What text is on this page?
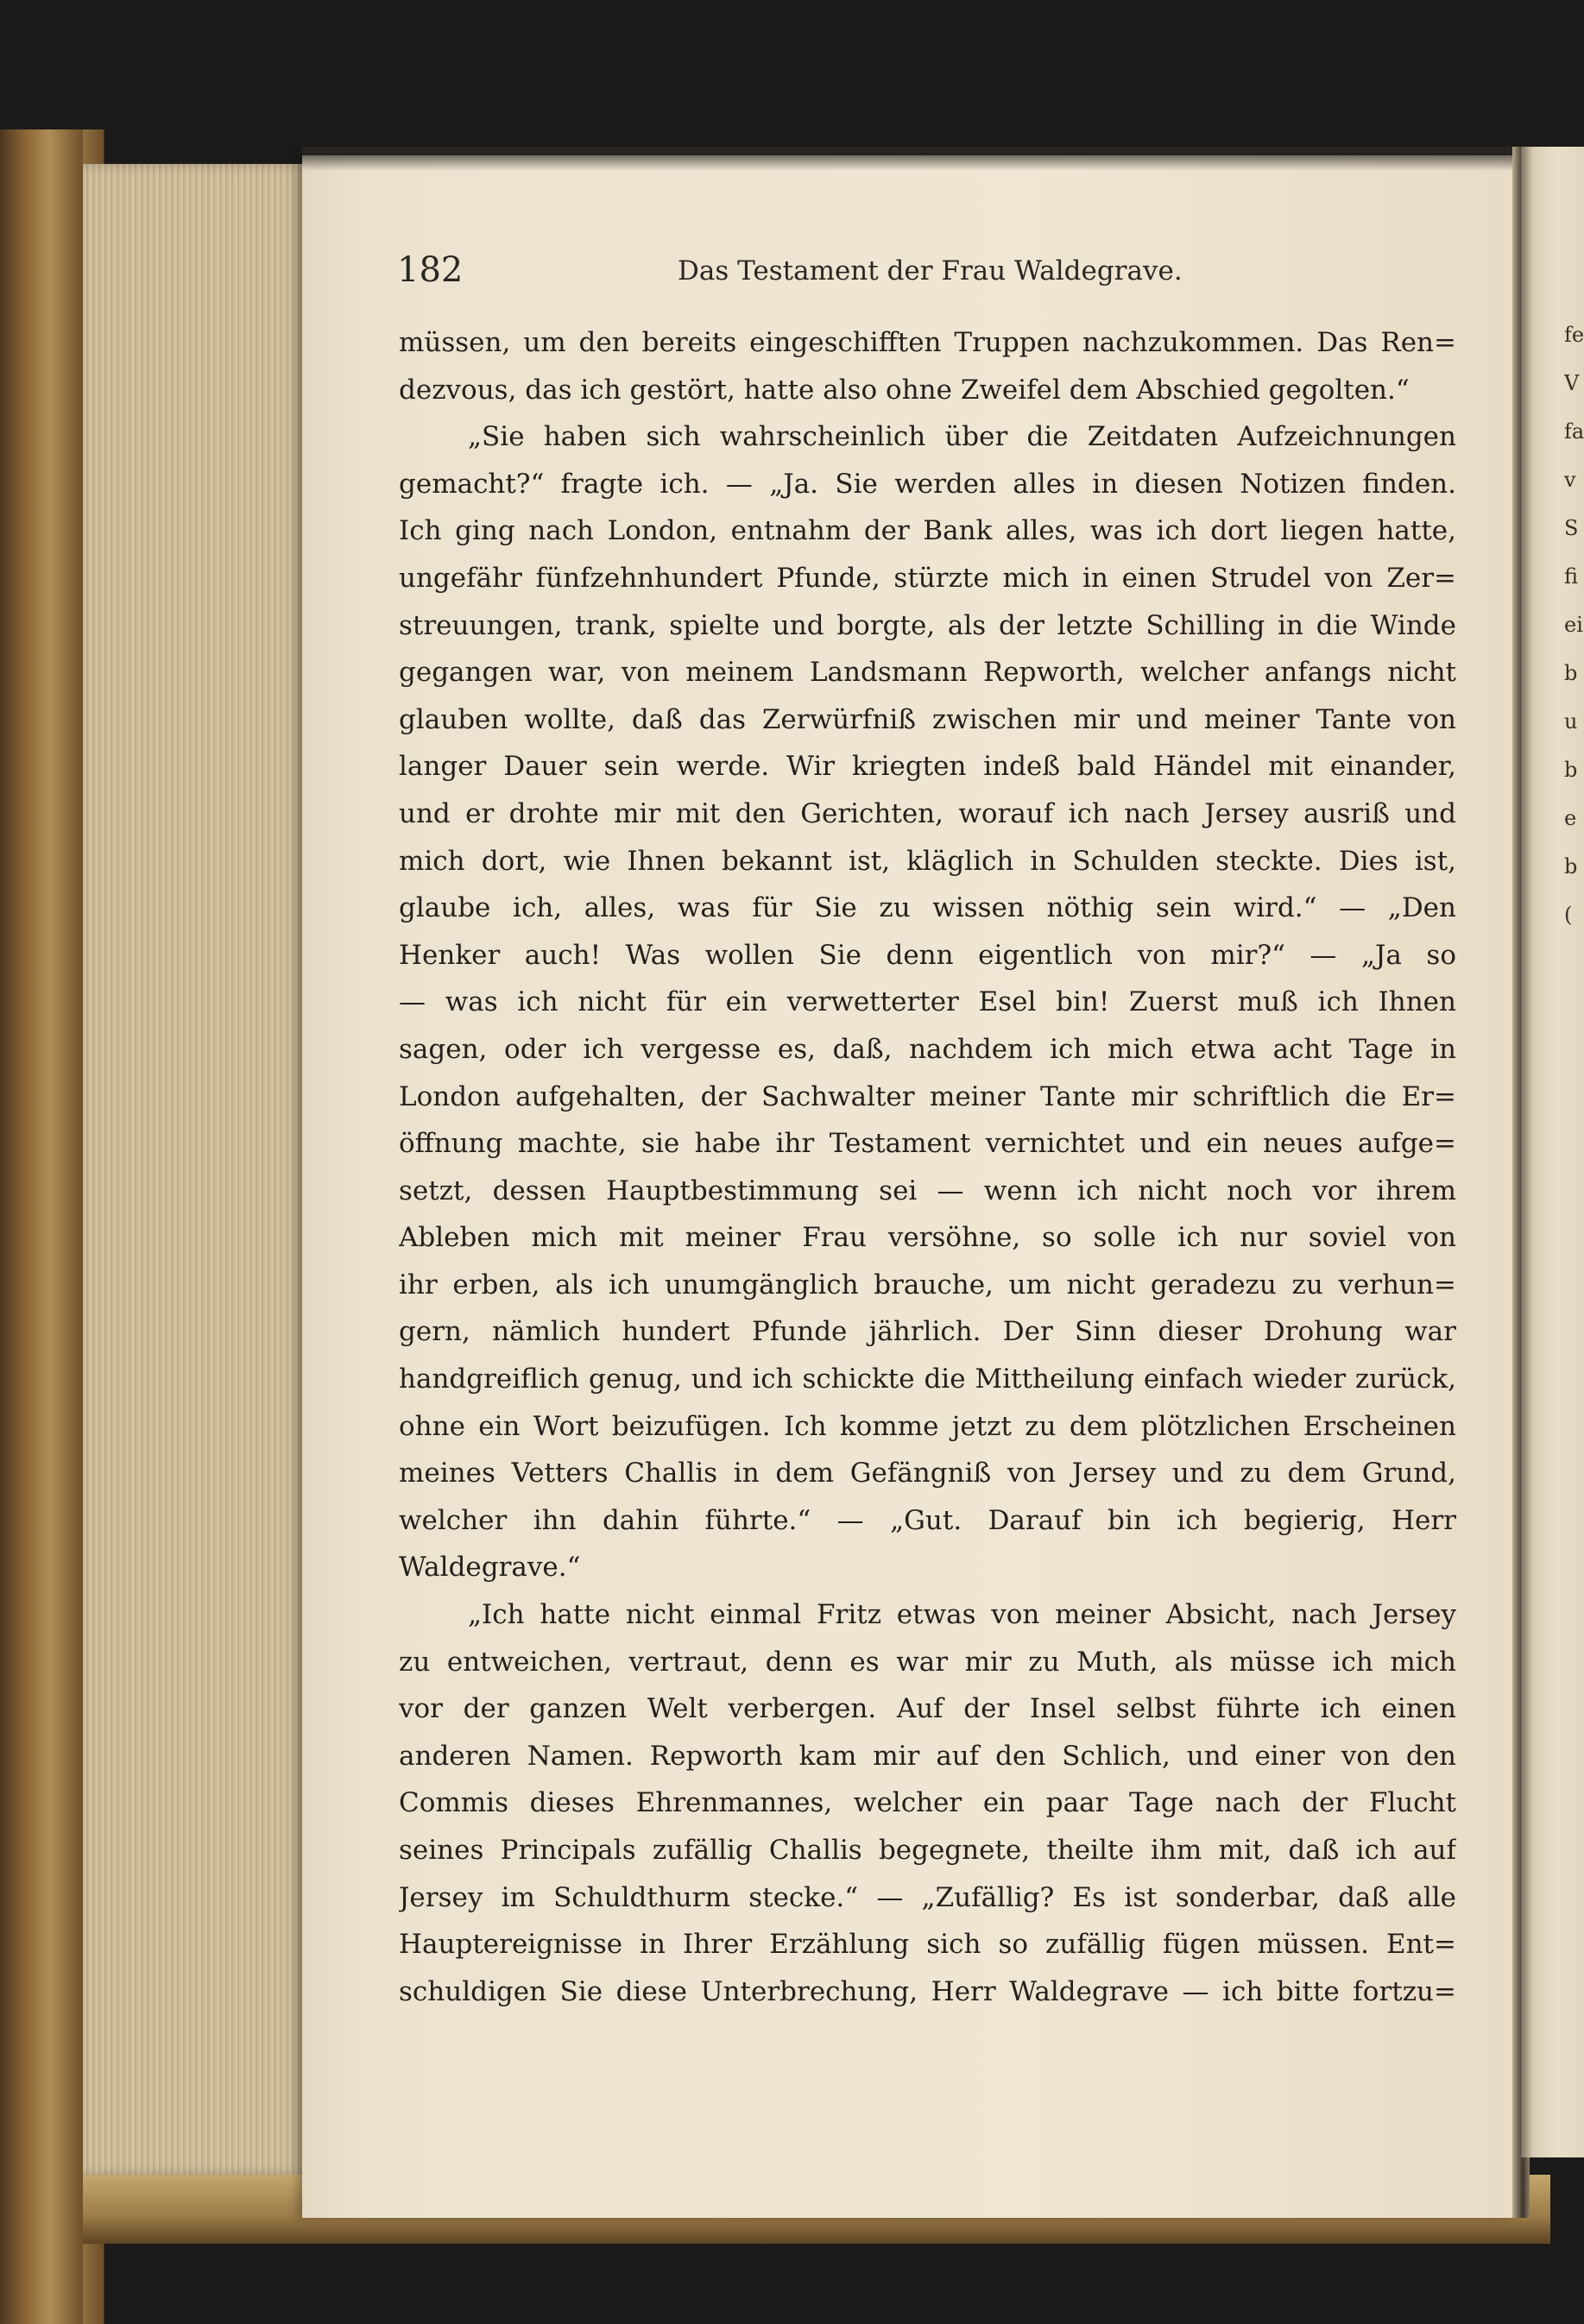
fe
V
fa
v
S
fi
ei
b
u
b
e
b
(
182	Das Testament der Frau Waldegrave.
müssen, um den bereits eingeschifften Truppen nachzukommen. Das Ren=
dezvous, das ich gestört, hatte also ohne Zweifel dem Abschied gegolten.“
„Sie haben sich wahrscheinlich über die Zeitdaten Aufzeichnungen
gemacht?“ fragte ich. — „Ja. Sie werden alles in diesen Notizen finden.
Ich ging nach London, entnahm der Bank alles, was ich dort liegen hatte,
ungefähr fünfzehnhundert Pfunde, stürzte mich in einen Strudel von Zer=
streuungen, trank, spielte und borgte, als der letzte Schilling in die Winde
gegangen war, von meinem Landsmann Repworth, welcher anfangs nicht
glauben wollte, daß das Zerwürfniß zwischen mir und meiner Tante von
langer Dauer sein werde. Wir kriegten indeß bald Händel mit einander,
und er drohte mir mit den Gerichten, worauf ich nach Jersey ausriß und
mich dort, wie Ihnen bekannt ist, kläglich in Schulden steckte. Dies ist,
glaube ich, alles, was für Sie zu wissen nöthig sein wird.“ — „Den
Henker auch! Was wollen Sie denn eigentlich von mir?“ — „Ja so
— was ich nicht für ein verwetterter Esel bin! Zuerst muß ich Ihnen
sagen, oder ich vergesse es, daß, nachdem ich mich etwa acht Tage in
London aufgehalten, der Sachwalter meiner Tante mir schriftlich die Er=
öffnung machte, sie habe ihr Testament vernichtet und ein neues aufge=
setzt, dessen Hauptbestimmung sei — wenn ich nicht noch vor ihrem
Ableben mich mit meiner Frau versöhne, so solle ich nur soviel von
ihr erben, als ich unumgänglich brauche, um nicht geradezu zu verhun=
gern, nämlich hundert Pfunde jährlich. Der Sinn dieser Drohung war
handgreiflich genug, und ich schickte die Mittheilung einfach wieder zurück,
ohne ein Wort beizufügen. Ich komme jetzt zu dem plötzlichen Erscheinen
meines Vetters Challis in dem Gefängniß von Jersey und zu dem Grund,
welcher ihn dahin führte.“ — „Gut. Darauf bin ich begierig, Herr
Waldegrave.“
„Ich hatte nicht einmal Fritz etwas von meiner Absicht, nach Jersey
zu entweichen, vertraut, denn es war mir zu Muth, als müsse ich mich
vor der ganzen Welt verbergen. Auf der Insel selbst führte ich einen
anderen Namen. Repworth kam mir auf den Schlich, und einer von den
Commis dieses Ehrenmannes, welcher ein paar Tage nach der Flucht
seines Principals zufällig Challis begegnete, theilte ihm mit, daß ich auf
Jersey im Schuldthurm stecke.“ — „Zufällig? Es ist sonderbar, daß alle
Hauptereignisse in Ihrer Erzählung sich so zufällig fügen müssen. Ent=
schuldigen Sie diese Unterbrechung, Herr Waldegrave — ich bitte fortzu=
